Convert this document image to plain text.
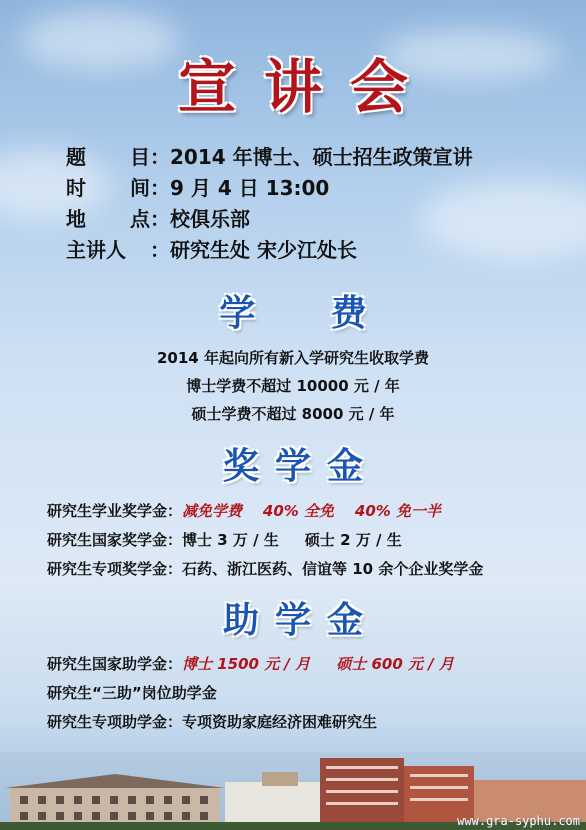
宣讲会
题 目 ： 2014 年博士、硕士招生政策宣讲
时 间 ： 9 月 4 日 13:00
地 点 ： 校俱乐部
主讲人	： 研究生处 宋少江处长
学      费
2014 年起向所有新入学研究生收取学费
博士学费不超过 10000 元 / 年
硕士学费不超过 8000 元 / 年
奖学金
研究生学业奖学金：减免学费    40% 全免    40% 免一半
研究生国家奖学金：博士 3 万 / 生     硕士 2 万 / 生
研究生专项奖学金：石药、浙江医药、信谊等 10 余个企业奖学金
助学金
研究生国家助学金：博士 1500 元 / 月     硕士 600 元 / 月
研究生“三助”岗位助学金
研究生专项助学金：专项资助家庭经济困难研究生
www.gra-syphu.com
